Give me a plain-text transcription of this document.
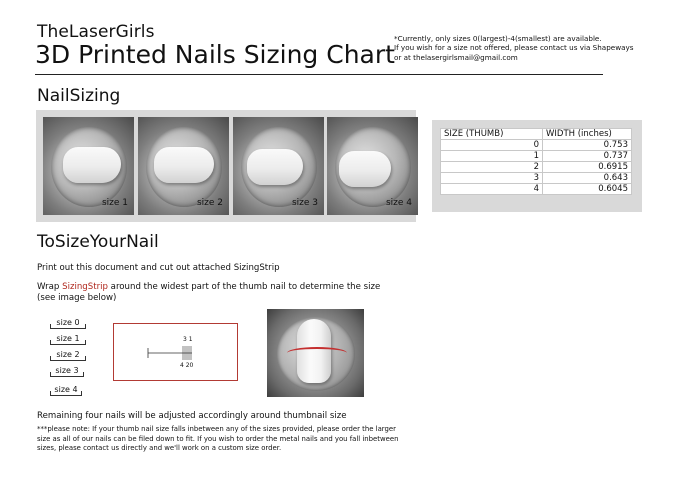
TheLaserGirls
3D Printed Nails Sizing Chart
*Currently, only sizes 0(largest)-4(smallest) are available.
If you wish for a size not offered, please contact us via Shapeways
or at thelasergirlsmail@gmail.com
NailSizing
size 1	size 2	size 3	size 4
SIZE (THUMB)	WIDTH (inches)
0	0.753
1	0.737
2	0.6915
3	0.643
4	0.6045
ToSizeYourNail
Print out this document and cut out attached SizingStrip
Wrap SizingStrip around the widest part of the thumb nail to determine the size (see image below)
size 0
size 1
size 2
size 3
size 4
3 1
4 20
Remaining four nails will be adjusted accordingly around thumbnail size
***please note: If your thumb nail size falls inbetween any of the sizes provided, please order the larger size as all of our nails can be filed down to fit. If you wish to order the metal nails and you fall inbetween sizes, please contact us directly and we'll work on a custom size order.
